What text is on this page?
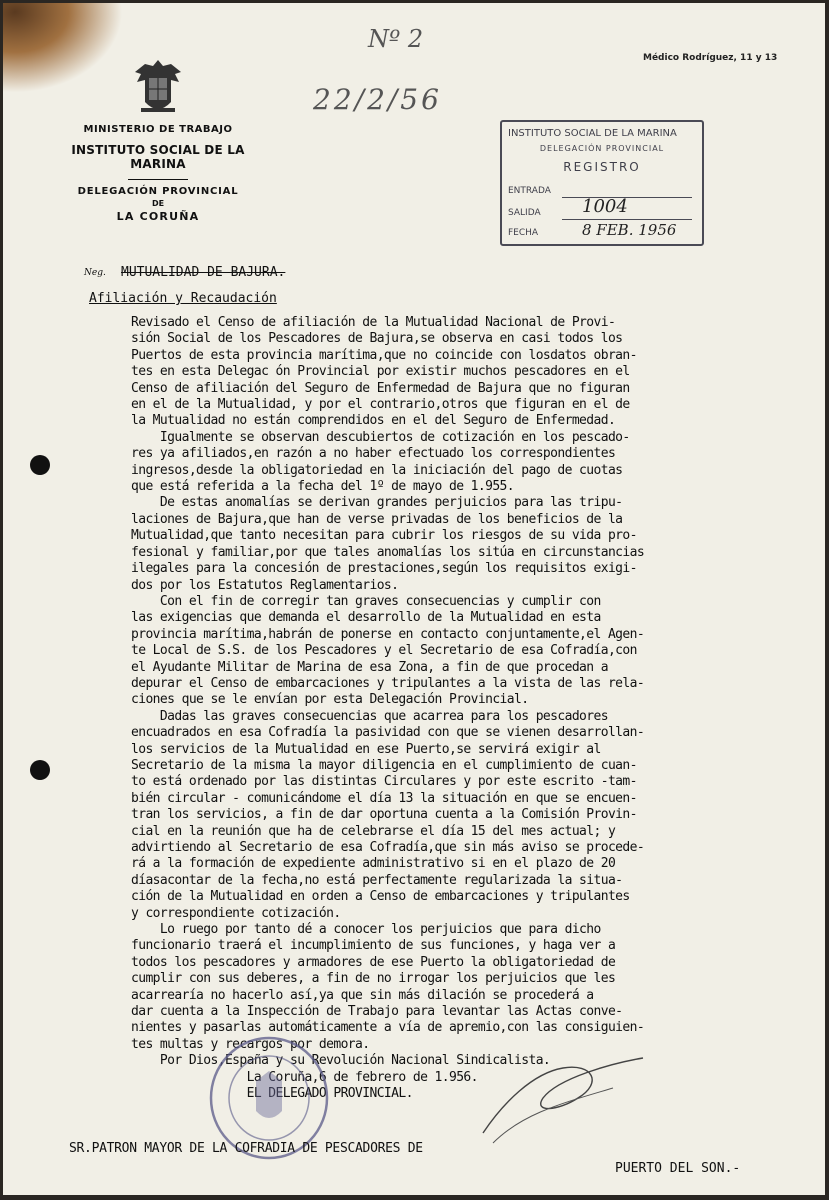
MINISTERIO DE TRABAJO
INSTITUTO SOCIAL DE LA MARINA
DELEGACIÓN PROVINCIAL
DE
LA CORUÑA
Médico Rodríguez, 11 y 13
Nº 2
22/2/56
INSTITUTO SOCIAL DE LA MARINA
DELEGACIÓN PROVINCIAL
REGISTRO
ENTRADA
SALIDA 1004
FECHA	8 FEB. 1956
Neg. MUTUALIDAD DE BAJURA.
Afiliación y Recaudación
Revisado el Censo de afiliación de la Mutualidad Nacional de Provi-
sión Social de los Pescadores de Bajura,se observa en casi todos los
Puertos de esta provincia marítima,que no coincide con losdatos obran-
tes en esta Delegac ón Provincial por existir muchos pescadores en el
Censo de afiliación del Seguro de Enfermedad de Bajura que no figuran
en el de la Mutualidad, y por el contrario,otros que figuran en el de
la Mutualidad no están comprendidos en el del Seguro de Enfermedad.
Igualmente se observan descubiertos de cotización en los pescado-
res ya afiliados,en razón a no haber efectuado los correspondientes
ingresos,desde la obligatoriedad en la iniciación del pago de cuotas
que está referida a la fecha del 1º de mayo de 1.955.
De estas anomalías se derivan grandes perjuicios para las tripu-
laciones de Bajura,que han de verse privadas de los beneficios de la
Mutualidad,que tanto necesitan para cubrir los riesgos de su vida pro-
fesional y familiar,por que tales anomalías los sitúa en circunstancias
ilegales para la concesión de prestaciones,según los requisitos exigi-
dos por los Estatutos Reglamentarios.
Con el fin de corregir tan graves consecuencias y cumplir con
las exigencias que demanda el desarrollo de la Mutualidad en esta
provincia marítima,habrán de ponerse en contacto conjuntamente,el Agen-
te Local de S.S. de los Pescadores y el Secretario de esa Cofradía,con
el Ayudante Militar de Marina de esa Zona, a fin de que procedan a
depurar el Censo de embarcaciones y tripulantes a la vista de las rela-
ciones que se le envían por esta Delegación Provincial.
Dadas las graves consecuencias que acarrea para los pescadores
encuadrados en esa Cofradía la pasividad con que se vienen desarrollan-
los servicios de la Mutualidad en ese Puerto,se servirá exigir al
Secretario de la misma la mayor diligencia en el cumplimiento de cuan-
to está ordenado por las distintas Circulares y por este escrito -tam-
bién circular - comunicándome el día 13 la situación en que se encuen-
tran los servicios, a fin de dar oportuna cuenta a la Comisión Provin-
cial en la reunión que ha de celebrarse el día 15 del mes actual; y
advirtiendo al Secretario de esa Cofradía,que sin más aviso se procede-
rá a la formación de expediente administrativo si en el plazo de 20
díasacontar de la fecha,no está perfectamente regularizada la situa-
ción de la Mutualidad en orden a Censo de embarcaciones y tripulantes
y correspondiente cotización.
Lo ruego por tanto dé a conocer los perjuicios que para dicho
funcionario traerá el incumplimiento de sus funciones, y haga ver a
todos los pescadores y armadores de ese Puerto la obligatoriedad de
cumplir con sus deberes, a fin de no irrogar los perjuicios que les
acarrearía no hacerlo así,ya que sin más dilación se procederá a
dar cuenta a la Inspección de Trabajo para levantar las Actas conve-
nientes y pasarlas automáticamente a vía de apremio,con las consiguien-
tes multas y recargos por demora.
Por Dios,España y su Revolución Nacional Sindicalista.
La Coruña,6 de febrero de 1.956.
EL DELEGADO PROVINCIAL.
SR.PATRON MAYOR DE LA COFRADIA DE PESCADORES DE
PUERTO DEL SON.-
